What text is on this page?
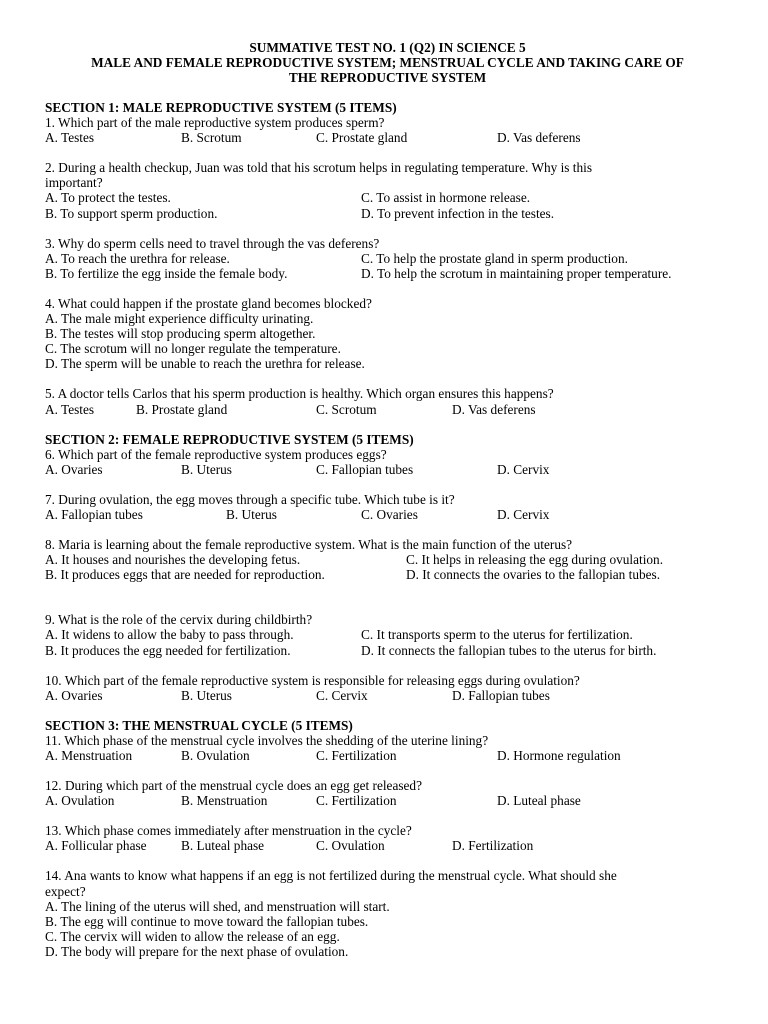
SUMMATIVE TEST NO. 1 (Q2) IN SCIENCE 5
MALE AND FEMALE REPRODUCTIVE SYSTEM; MENSTRUAL CYCLE AND TAKING CARE OF
THE REPRODUCTIVE SYSTEM
SECTION 1: MALE REPRODUCTIVE SYSTEM (5 ITEMS)
1. Which part of the male reproductive system produces sperm?
A. Testes	B. Scrotum	C. Prostate gland	D. Vas deferens
2. During a health checkup, Juan was told that his scrotum helps in regulating temperature. Why is this
important?
A. To protect the testes.	C. To assist in hormone release.
B. To support sperm production.	D. To prevent infection in the testes.
3. Why do sperm cells need to travel through the vas deferens?
A. To reach the urethra for release.	C. To help the prostate gland in sperm production.
B. To fertilize the egg inside the female body.	D. To help the scrotum in maintaining proper temperature.
4. What could happen if the prostate gland becomes blocked?
A. The male might experience difficulty urinating.
B. The testes will stop producing sperm altogether.
C. The scrotum will no longer regulate the temperature.
D. The sperm will be unable to reach the urethra for release.
5. A doctor tells Carlos that his sperm production is healthy. Which organ ensures this happens?
A. Testes	B. Prostate gland	C. Scrotum	D. Vas deferens
SECTION 2: FEMALE REPRODUCTIVE SYSTEM (5 ITEMS)
6. Which part of the female reproductive system produces eggs?
A. Ovaries	B. Uterus	C. Fallopian tubes	D. Cervix
7. During ovulation, the egg moves through a specific tube. Which tube is it?
A. Fallopian tubes	B. Uterus	C. Ovaries	D. Cervix
8. Maria is learning about the female reproductive system. What is the main function of the uterus?
A. It houses and nourishes the developing fetus.	C. It helps in releasing the egg during ovulation.
B. It produces eggs that are needed for reproduction.	D. It connects the ovaries to the fallopian tubes.
9. What is the role of the cervix during childbirth?
A. It widens to allow the baby to pass through.	C. It transports sperm to the uterus for fertilization.
B. It produces the egg needed for fertilization.	D. It connects the fallopian tubes to the uterus for birth.
10. Which part of the female reproductive system is responsible for releasing eggs during ovulation?
A. Ovaries	B. Uterus	C. Cervix	D. Fallopian tubes
SECTION 3: THE MENSTRUAL CYCLE (5 ITEMS)
11. Which phase of the menstrual cycle involves the shedding of the uterine lining?
A. Menstruation	B. Ovulation	C. Fertilization	D. Hormone regulation
12. During which part of the menstrual cycle does an egg get released?
A. Ovulation	B. Menstruation	C. Fertilization	D. Luteal phase
13. Which phase comes immediately after menstruation in the cycle?
A. Follicular phase	B. Luteal phase	C. Ovulation	D. Fertilization
14. Ana wants to know what happens if an egg is not fertilized during the menstrual cycle. What should she
expect?
A. The lining of the uterus will shed, and menstruation will start.
B. The egg will continue to move toward the fallopian tubes.
C. The cervix will widen to allow the release of an egg.
D. The body will prepare for the next phase of ovulation.
